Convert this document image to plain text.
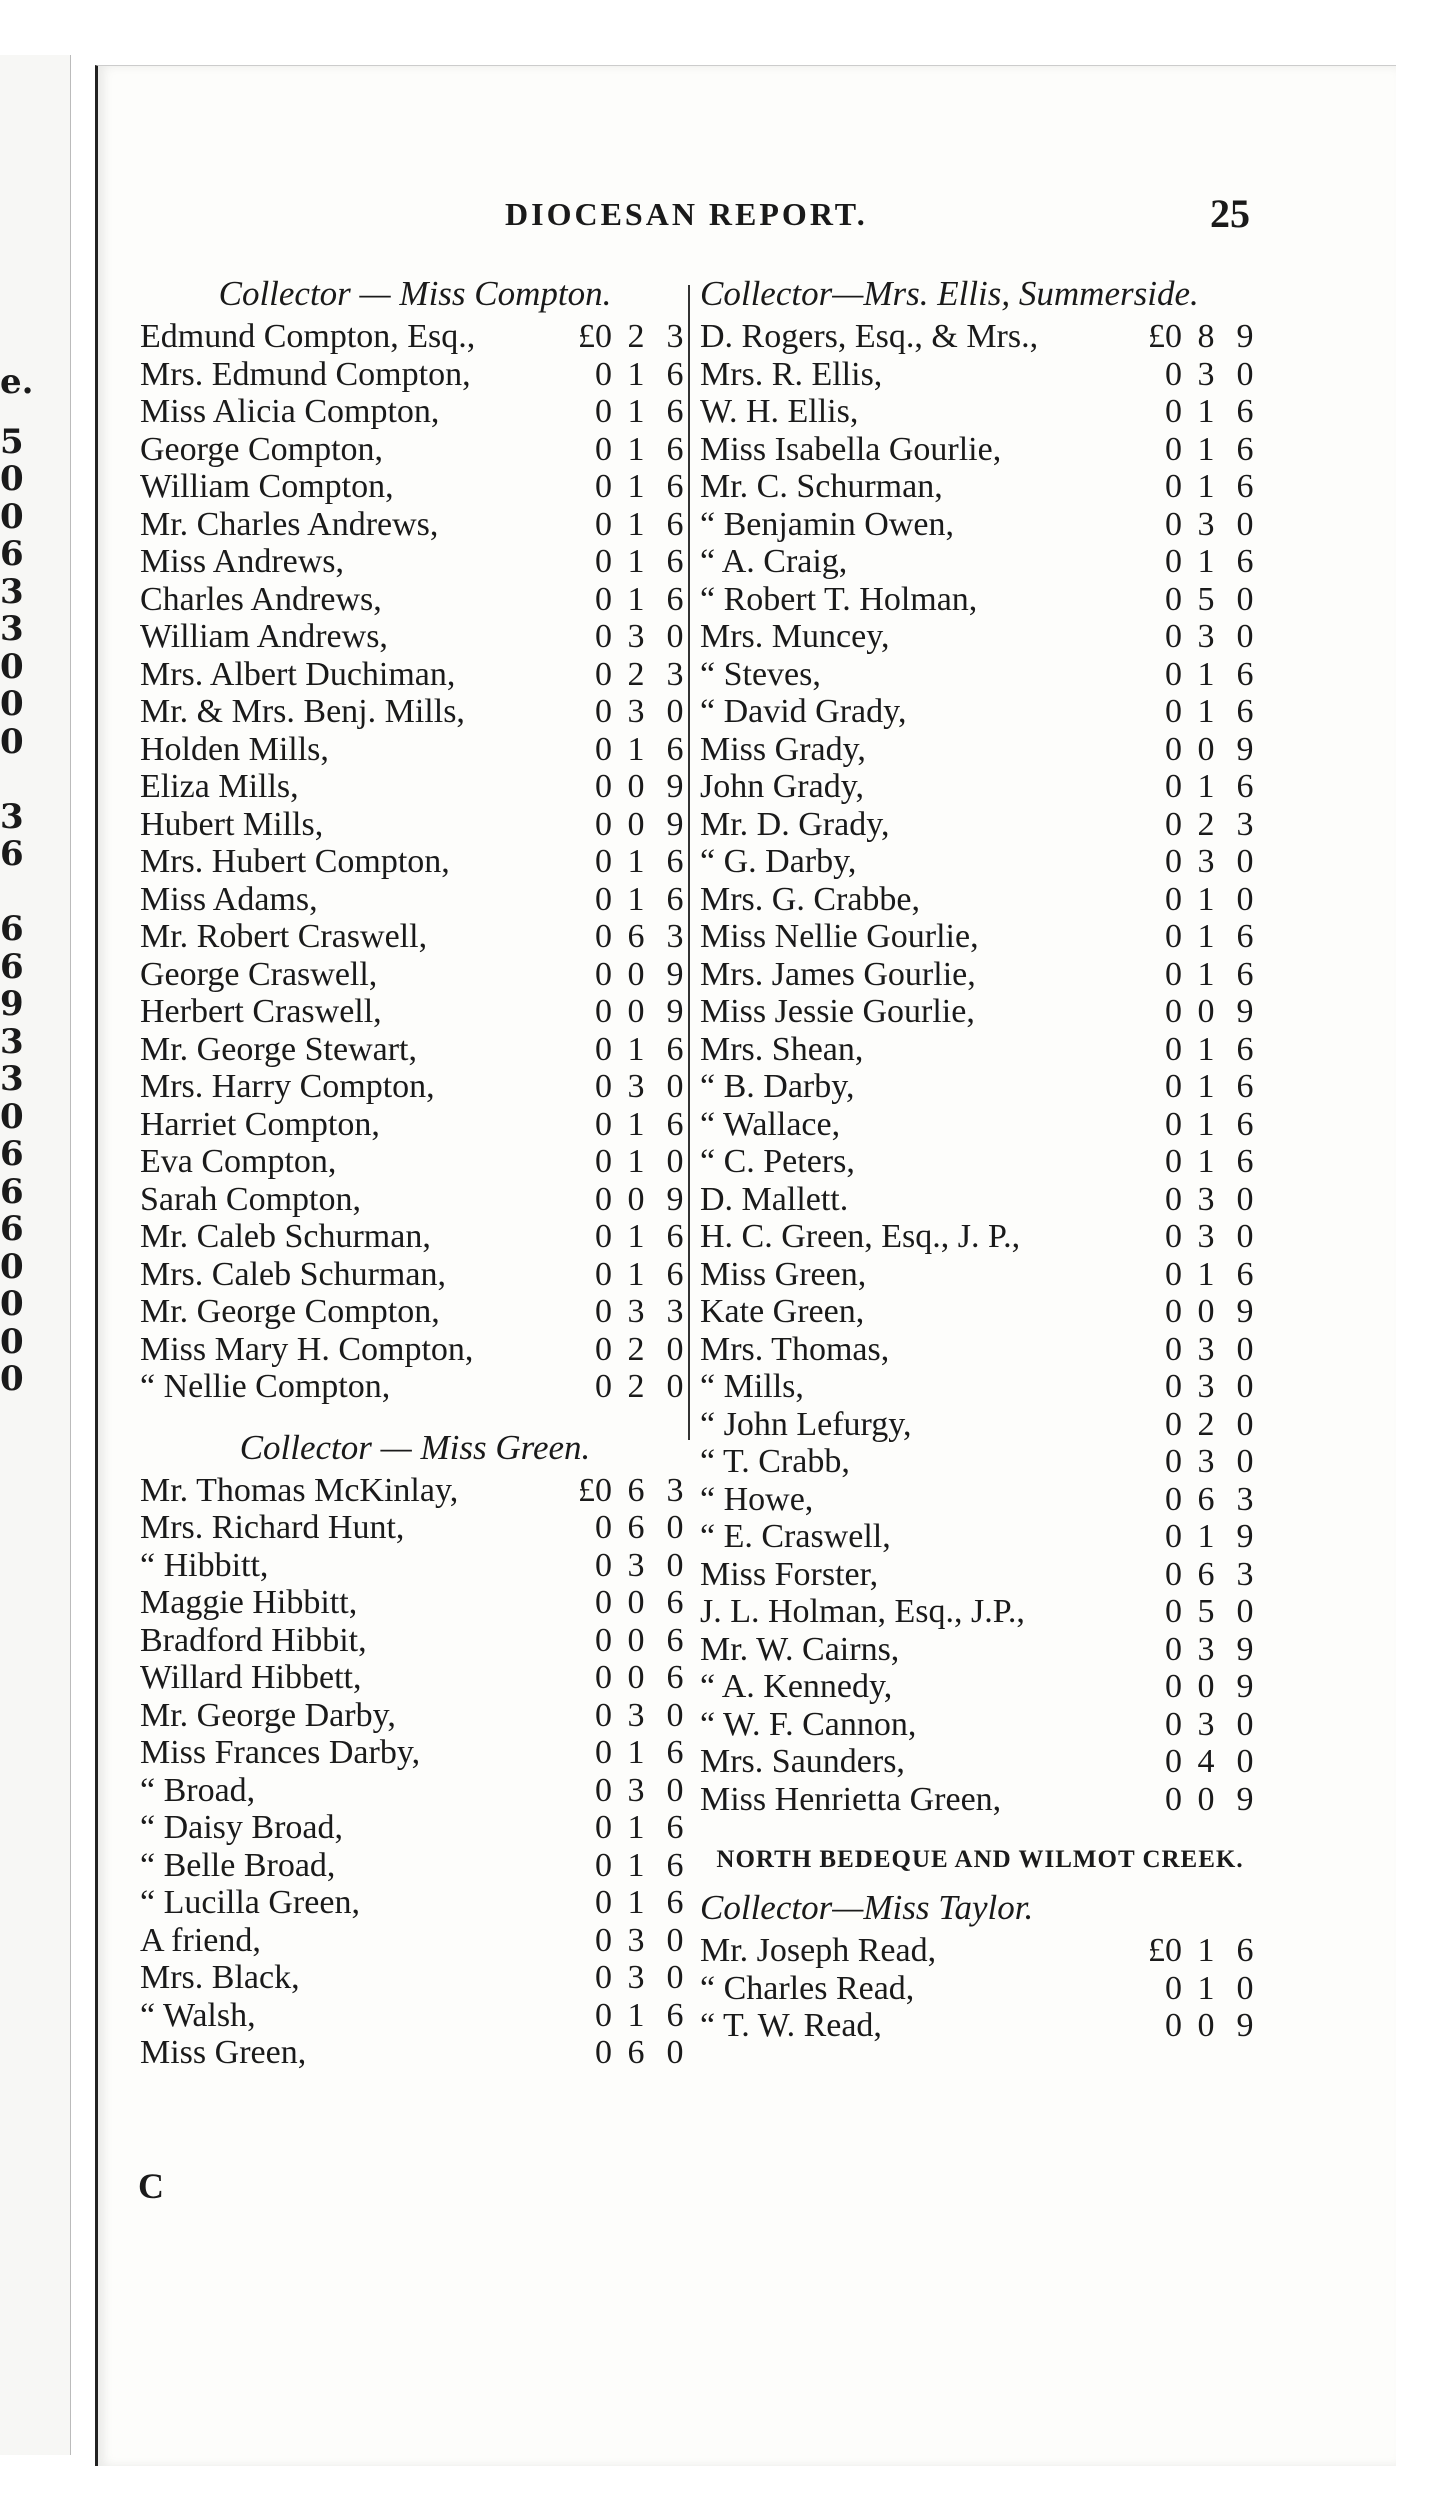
e.
5
0
0
6
3
3
0
0
0
3
6
6
6
9
3
3
0
6
6
6
0
0
0
0
DIOCESAN REPORT.	25
Collector — Miss Compton.
Edmund Compton, Esq.,	£0 2 3
Mrs. Edmund Compton,	0 1 6
Miss Alicia Compton,	0 1 6
George Compton,	0 1 6
William Compton,	0 1 6
Mr. Charles Andrews,	0 1 6
Miss Andrews,	0 1 6
Charles Andrews,	0 1 6
William Andrews,	0 3 0
Mrs. Albert Duchiman,	0 2 3
Mr. & Mrs. Benj. Mills,	0 3 0
Holden Mills,	0 1 6
Eliza Mills,	0 0 9
Hubert Mills,	0 0 9
Mrs. Hubert Compton,	0 1 6
Miss Adams,	0 1 6
Mr. Robert Craswell,	0 6 3
George Craswell,	0 0 9
Herbert Craswell,	0 0 9
Mr. George Stewart,	0 1 6
Mrs. Harry Compton,	0 3 0
Harriet Compton,	0 1 6
Eva Compton,	0 1 0
Sarah Compton,	0 0 9
Mr. Caleb Schurman,	0 1 6
Mrs. Caleb Schurman,	0 1 6
Mr. George Compton,	0 3 3
Miss Mary H. Compton,	0 2 0
“ Nellie Compton,	0 2 0
Collector — Miss Green.
Mr. Thomas McKinlay,	£0 6 3
Mrs. Richard Hunt,	0 6 0
“ Hibbitt,	0 3 0
Maggie Hibbitt,	0 0 6
Bradford Hibbit,	0 0 6
Willard Hibbett,	0 0 6
Mr. George Darby,	0 3 0
Miss Frances Darby,	0 1 6
“ Broad,	0 3 0
“ Daisy Broad,	0 1 6
“ Belle Broad,	0 1 6
“ Lucilla Green,	0 1 6
A friend,	0 3 0
Mrs. Black,	0 3 0
“ Walsh,	0 1 6
Miss Green,	0 6 0
Collector—Mrs. Ellis, Summerside.
D. Rogers, Esq., & Mrs.,	£0 8 9
Mrs. R. Ellis,	0 3 0
W. H. Ellis,	0 1 6
Miss Isabella Gourlie,	0 1 6
Mr. C. Schurman,	0 1 6
“ Benjamin Owen,	0 3 0
“ A. Craig,	0 1 6
“ Robert T. Holman,	0 5 0
Mrs. Muncey,	0 3 0
“ Steves,	0 1 6
“ David Grady,	0 1 6
Miss Grady,	0 0 9
John Grady,	0 1 6
Mr. D. Grady,	0 2 3
“ G. Darby,	0 3 0
Mrs. G. Crabbe,	0 1 0
Miss Nellie Gourlie,	0 1 6
Mrs. James Gourlie,	0 1 6
Miss Jessie Gourlie,	0 0 9
Mrs. Shean,	0 1 6
“ B. Darby,	0 1 6
“ Wallace,	0 1 6
“ C. Peters,	0 1 6
D. Mallett.	0 3 0
H. C. Green, Esq., J. P.,	0 3 0
Miss Green,	0 1 6
Kate Green,	0 0 9
Mrs. Thomas,	0 3 0
“ Mills,	0 3 0
“ John Lefurgy,	0 2 0
“ T. Crabb,	0 3 0
“ Howe,	0 6 3
“ E. Craswell,	0 1 9
Miss Forster,	0 6 3
J. L. Holman, Esq., J.P.,	0 5 0
Mr. W. Cairns,	0 3 9
“ A. Kennedy,	0 0 9
“ W. F. Cannon,	0 3 0
Mrs. Saunders,	0 4 0
Miss Henrietta Green,	0 0 9
NORTH BEDEQUE AND WILMOT CREEK.
Collector—Miss Taylor.
Mr. Joseph Read,	£0 1 6
“ Charles Read,	0 1 0
“ T. W. Read,	0 0 9
C
